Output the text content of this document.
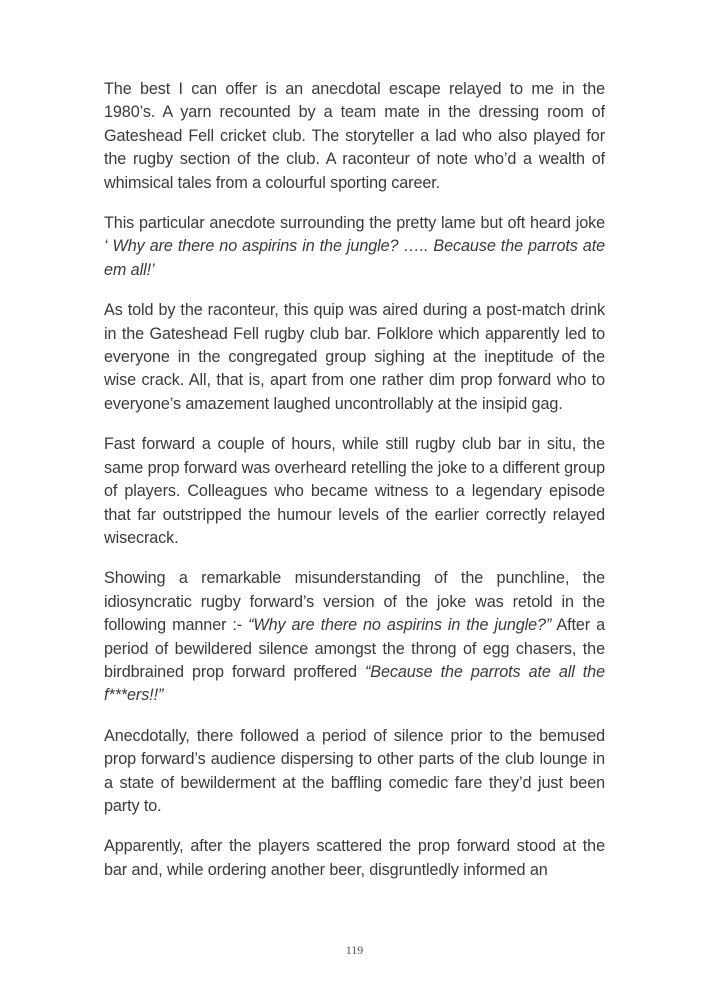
The best I can offer is an anecdotal escape relayed to me in the 1980’s. A yarn recounted by a team mate in the dressing room of Gateshead Fell cricket club. The storyteller a lad who also played for the rugby section of the club. A raconteur of note who’d a wealth of whimsical tales from a colourful sporting career.

This particular anecdote surrounding the pretty lame but oft heard joke ‘ Why are there no aspirins in the jungle? ….. Because the parrots ate em all!’

As told by the raconteur, this quip was aired during a post-match drink in the Gateshead Fell rugby club bar. Folklore which apparently led to everyone in the congregated group sighing at the ineptitude of the wise crack. All, that is, apart from one rather dim prop forward who to everyone’s amazement laughed uncontrollably at the insipid gag.

Fast forward a couple of hours, while still rugby club bar in situ, the same prop forward was overheard retelling the joke to a different group of players. Colleagues who became witness to a legendary episode that far outstripped the humour levels of the earlier correctly relayed wisecrack.

Showing a remarkable misunderstanding of the punchline, the idiosyncratic rugby forward’s version of the joke was retold in the following manner :- “Why are there no aspirins in the jungle?” After a period of bewildered silence amongst the throng of egg chasers, the birdbrained prop forward proffered “Because the parrots ate all the f***ers!!”

Anecdotally, there followed a period of silence prior to the bemused prop forward’s audience dispersing to other parts of the club lounge in a state of bewilderment at the baffling comedic fare they’d just been party to.

Apparently, after the players scattered the prop forward stood at the bar and, while ordering another beer, disgruntledly informed an

119
